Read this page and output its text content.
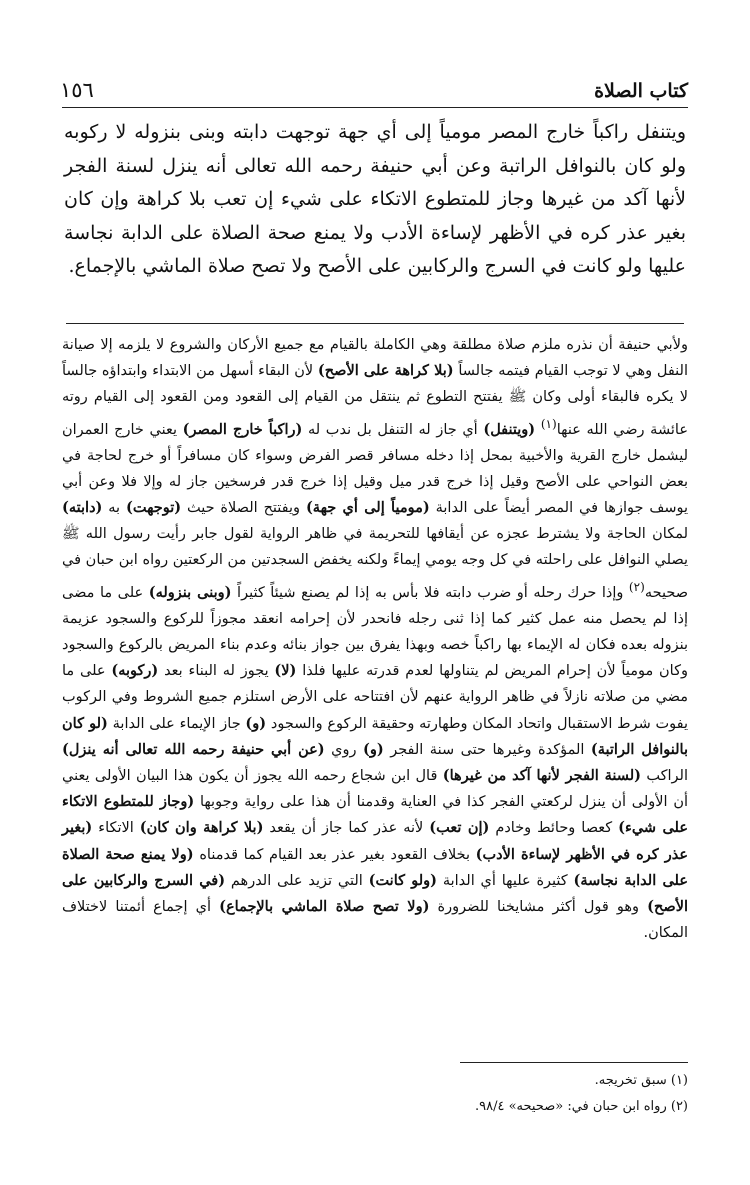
كتاب الصلاة
١٥٦

ويتنفل راكباً خارج المصر مومياً إلى أي جهة توجهت دابته وبنى بنزوله لا ركوبه ولو كان بالنوافل الراتبة وعن أبي حنيفة رحمه الله تعالى أنه ينزل لسنة الفجر لأنها آكد من غيرها وجاز للمتطوع الاتكاء على شيء إن تعب بلا كراهة وإن كان بغير عذر كره في الأظهر لإساءة الأدب ولا يمنع صحة الصلاة على الدابة نجاسة عليها ولو كانت في السرج والركابين على الأصح ولا تصح صلاة الماشي بالإجماع.

ولأبي حنيفة أن نذره ملزم صلاة مطلقة وهي الكاملة بالقيام مع جميع الأركان والشروع لا يلزمه إلا صيانة النفل وهي لا توجب القيام فيتمه جالساً (بلا كراهة على الأصح) لأن البقاء أسهل من الابتداء وابتداؤه جالساً لا يكره فالبقاء أولى وكان ﷺ يفتتح التطوع ثم ينتقل من القيام إلى القعود ومن القعود إلى القيام روته عائشة رضي الله عنها$^{(١)}$ (ويتنفل) أي جاز له التنفل بل ندب له (راكباً خارج المصر) يعني خارج العمران ليشمل خارج القرية والأخبية بمحل إذا دخله مسافر قصر الفرض وسواء كان مسافراً أو خرج لحاجة في بعض النواحي على الأصح وقيل إذا خرج قدر ميل وقيل إذا خرج قدر فرسخين جاز له وإلا فلا وعن أبي يوسف جوازها في المصر أيضاً على الدابة (مومياً إلى أي جهة) ويفتتح الصلاة حيث (توجهت) به (دابته) لمكان الحاجة ولا يشترط عجزه عن أيقافها للتحريمة في ظاهر الرواية لقول جابر رأيت رسول الله ﷺ يصلي النوافل على راحلته في كل وجه يومي إيماءً ولكنه يخفض السجدتين من الركعتين رواه ابن حبان في صحيحه$^{(٢)}$ وإذا حرك رحله أو ضرب دابته فلا بأس به إذا لم يصنع شيئاً كثيراً (وبنى بنزوله) على ما مضى إذا لم يحصل منه عمل كثير كما إذا ثنى رجله فانحدر لأن إحرامه انعقد مجوزاً للركوع والسجود عزيمة بنزوله بعده فكان له الإيماء بها راكباً خصه وبهذا يفرق بين جواز بنائه وعدم بناء المريض بالركوع والسجود وكان مومياً لأن إحرام المريض لم يتناولها لعدم قدرته عليها فلذا (لا) يجوز له البناء بعد (ركوبه) على ما مضي من صلاته نازلاً في ظاهر الرواية عنهم لأن افتتاحه على الأرض استلزم جميع الشروط وفي الركوب يفوت شرط الاستقبال واتحاد المكان وطهارته وحقيقة الركوع والسجود (و) جاز الإيماء على الدابة (لو كان بالنوافل الراتبة) المؤكدة وغيرها حتى سنة الفجر (و) روي (عن أبي حنيفة رحمه الله تعالى أنه ينزل) الراكب (لسنة الفجر لأنها آكد من غيرها) قال ابن شجاع رحمه الله يجوز أن يكون هذا البيان الأولى يعني أن الأولى أن ينزل لركعتي الفجر كذا في العناية وقدمنا أن هذا على رواية وجوبها (وجاز للمتطوع الاتكاء على شيء) كعصا وحائط وخادم (إن تعب) لأنه عذر كما جاز أن يقعد (بلا كراهة وان كان) الاتكاء (بغير عذر كره في الأظهر لإساءة الأدب) بخلاف القعود بغير عذر بعد القيام كما قدمناه (ولا يمنع صحة الصلاة على الدابة نجاسة) كثيرة عليها أي الدابة (ولو كانت) التي تزيد على الدرهم (في السرج والركابين على الأصح) وهو قول أكثر مشايخنا للضرورة (ولا تصح صلاة الماشي بالإجماع) أي إجماع أئمتنا لاختلاف المكان.

(١) سبق تخريجه.
(٢) رواه ابن حبان في: «صحيحه» ٩٨/٤.
